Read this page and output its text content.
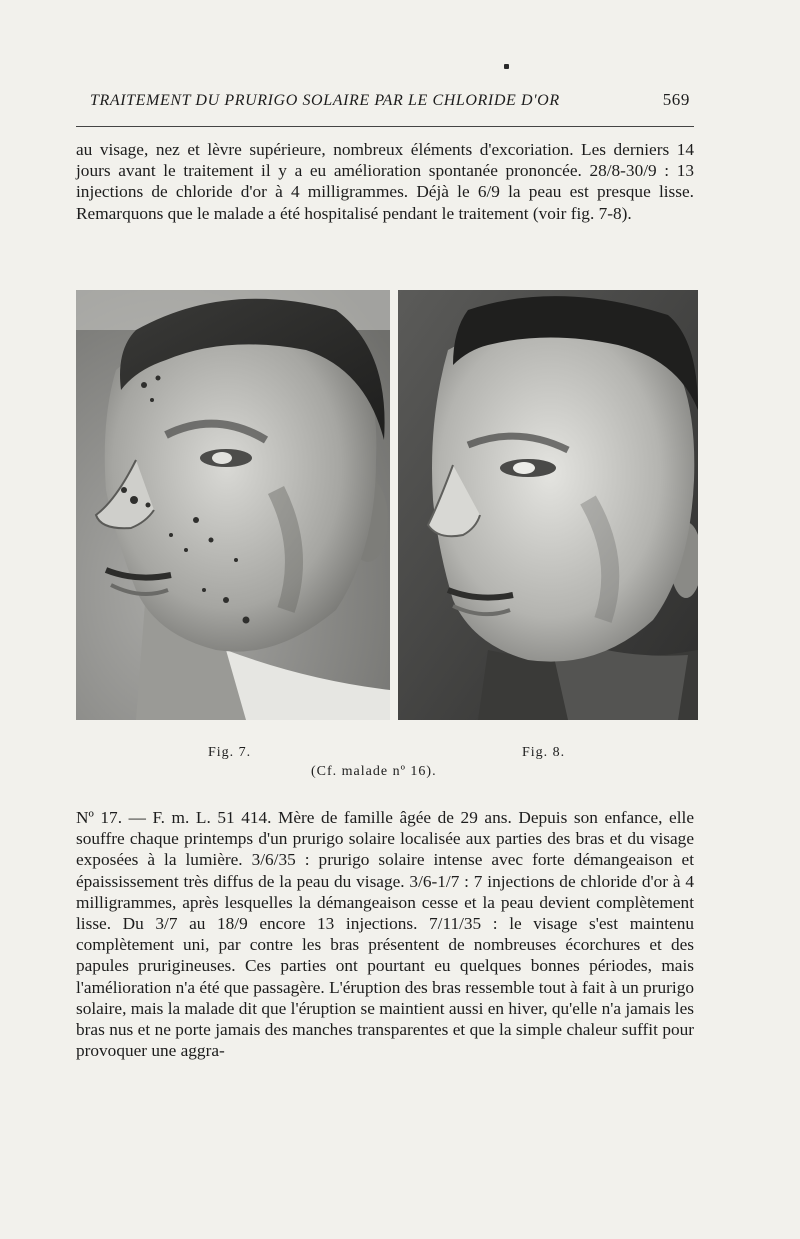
TRAITEMENT DU PRURIGO SOLAIRE PAR LE CHLORIDE D'OR	569

au visage, nez et lèvre supérieure, nombreux éléments d'excoriation. Les derniers 14 jours avant le traitement il y a eu amélioration spontanée prononcée. 28/8-30/9 : 13 injections de chloride d'or à 4 milligrammes. Déjà le 6/9 la peau est presque lisse. Remarquons que le malade a été hospitalisé pendant le traitement (voir fig. 7-8).

Fig. 7.	Fig. 8.
(Cf. malade nº 16).

Nº 17. — F. m. L. 51 414. Mère de famille âgée de 29 ans. Depuis son enfance, elle souffre chaque printemps d'un prurigo solaire localisée aux parties des bras et du visage exposées à la lumière. 3/6/35 : prurigo solaire intense avec forte démangeaison et épaississement très diffus de la peau du visage. 3/6-1/7 : 7 injections de chloride d'or à 4 milligrammes, après lesquelles la démangeaison cesse et la peau devient complètement lisse. Du 3/7 au 18/9 encore 13 injections. 7/11/35 : le visage s'est maintenu complètement uni, par contre les bras présentent de nombreuses écorchures et des papules prurigineuses. Ces parties ont pourtant eu quelques bonnes périodes, mais l'amélioration n'a été que passagère. L'éruption des bras ressemble tout à fait à un prurigo solaire, mais la malade dit que l'éruption se maintient aussi en hiver, qu'elle n'a jamais les bras nus et ne porte jamais des manches transparentes et que la simple chaleur suffit pour provoquer une aggra-
